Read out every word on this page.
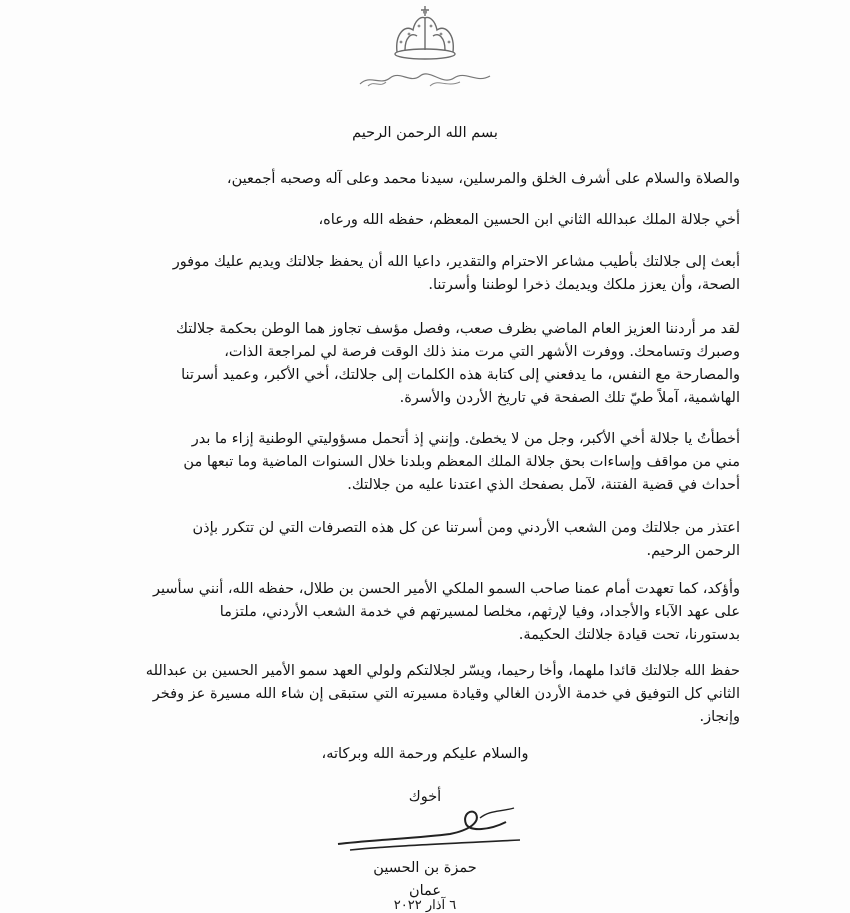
بسم الله الرحمن الرحيم

والصلاة والسلام على أشرف الخلق والمرسلين، سيدنا محمد وعلى آله وصحبه أجمعين،

أخي جلالة الملك عبدالله الثاني ابن الحسين المعظم، حفظه الله ورعاه،

أبعث إلى جلالتك بأطيب مشاعر الاحترام والتقدير، داعيا الله أن يحفظ جلالتك ويديم عليك موفور

الصحة، وأن يعزز ملكك ويديمك ذخرا لوطننا وأسرتنا.

لقد مر أردننا العزيز العام الماضي بظرف صعب، وفصل مؤسف تجاوز هما الوطن بحكمة جلالتك

وصبرك وتسامحك. ووفرت الأشهر التي مرت منذ ذلك الوقت فرصة لي لمراجعة الذات،

والمصارحة مع النفس، ما يدفعني إلى كتابة هذه الكلمات إلى جلالتك، أخي الأكبر، وعميد أسرتنا

الهاشمية، آملاً طيّ تلك الصفحة في تاريخ الأردن والأسرة.

أخطأتُ يا جلالة أخي الأكبر، وجل من لا يخطئ. وإنني إذ أتحمل مسؤوليتي الوطنية إزاء ما بدر

مني من مواقف وإساءات بحق جلالة الملك المعظم وبلدنا خلال السنوات الماضية وما تبعها من

أحداث في قضية الفتنة، لآمل بصفحك الذي اعتدنا عليه من جلالتك.

اعتذر من جلالتك ومن الشعب الأردني ومن أسرتنا عن كل هذه التصرفات التي لن تتكرر بإذن

الرحمن الرحيم.

وأؤكد، كما تعهدت أمام عمنا صاحب السمو الملكي الأمير الحسن بن طلال، حفظه الله، أنني سأسير

على عهد الآباء والأجداد، وفيا لإرثهم، مخلصا لمسيرتهم في خدمة الشعب الأردني، ملتزما

بدستورنا، تحت قيادة جلالتك الحكيمة.

حفظ الله جلالتك قائدا ملهما، وأخا رحيما، ويسّر لجلالتكم ولولي العهد سمو الأمير الحسين بن عبدالله

الثاني كل التوفيق في خدمة الأردن الغالي وقيادة مسيرته التي ستبقى إن شاء الله مسيرة عز وفخر

وإنجاز.

والسلام عليكم ورحمة الله وبركاته،

أخوك

حمزة بن الحسين

عمان

٦ آذار ٢٠٢٢
